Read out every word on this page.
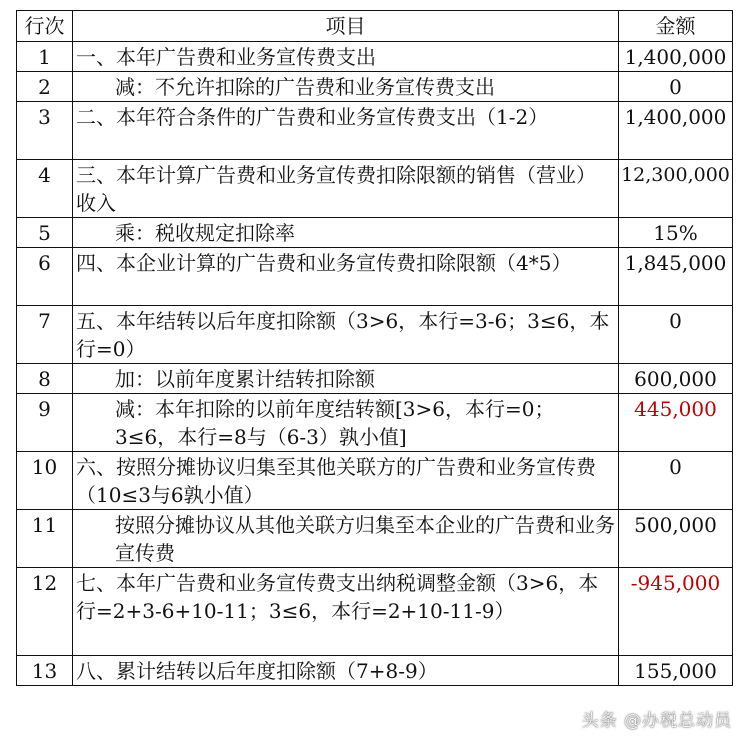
行次	项目	金额
1	一、本年广告费和业务宣传费支出	1,400,000
2	减：不允许扣除的广告费和业务宣传费支出	0
3	二、本年符合条件的广告费和业务宣传费支出（1-2）	1,400,000
4	三、本年计算广告费和业务宣传费扣除限额的销售（营业）收入	12,300,000
5	乘：税收规定扣除率	15%
6	四、本企业计算的广告费和业务宣传费扣除限额（4*5）	1,845,000
7	五、本年结转以后年度扣除额（3>6，本行=3-6；3≤6，本行=0）	0
8	加：以前年度累计结转扣除额	600,000
9	减：本年扣除的以前年度结转额[3>6，本行=0；3≤6，本行=8与（6-3）孰小值]	445,000
10	六、按照分摊协议归集至其他关联方的广告费和业务宣传费（10≤3与6孰小值）	0
11	按照分摊协议从其他关联方归集至本企业的广告费和业务宣传费	500,000
12	七、本年广告费和业务宣传费支出纳税调整金额（3>6，本行=2+3-6+10-11；3≤6，本行=2+10-11-9）	-945,000
13	八、累计结转以后年度扣除额（7+8-9）	155,000
头条 @办税总动员
